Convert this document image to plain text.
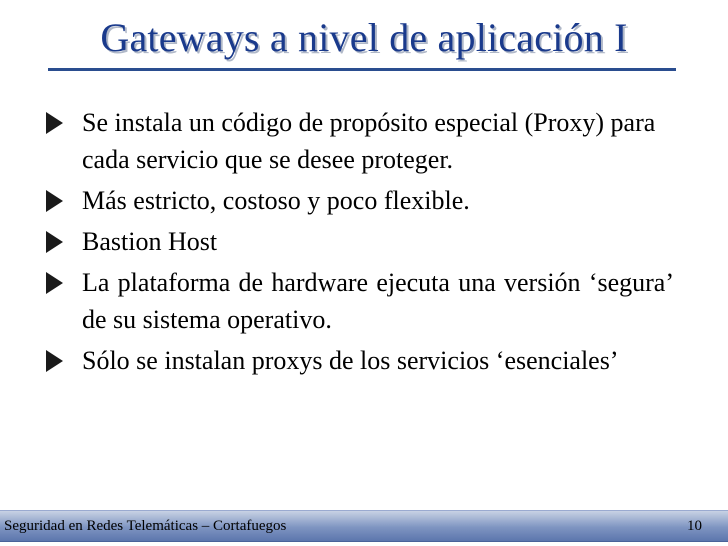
Gateways a nivel de aplicación I
Se instala un código de propósito especial (Proxy) para cada servicio que se desee proteger.
Más estricto, costoso y poco flexible.
Bastion Host
La plataforma de hardware ejecuta una versión ‘segura’ de su sistema operativo.
Sólo se instalan proxys de los servicios ‘esenciales’
Seguridad en Redes Telemáticas – Cortafuegos	10
